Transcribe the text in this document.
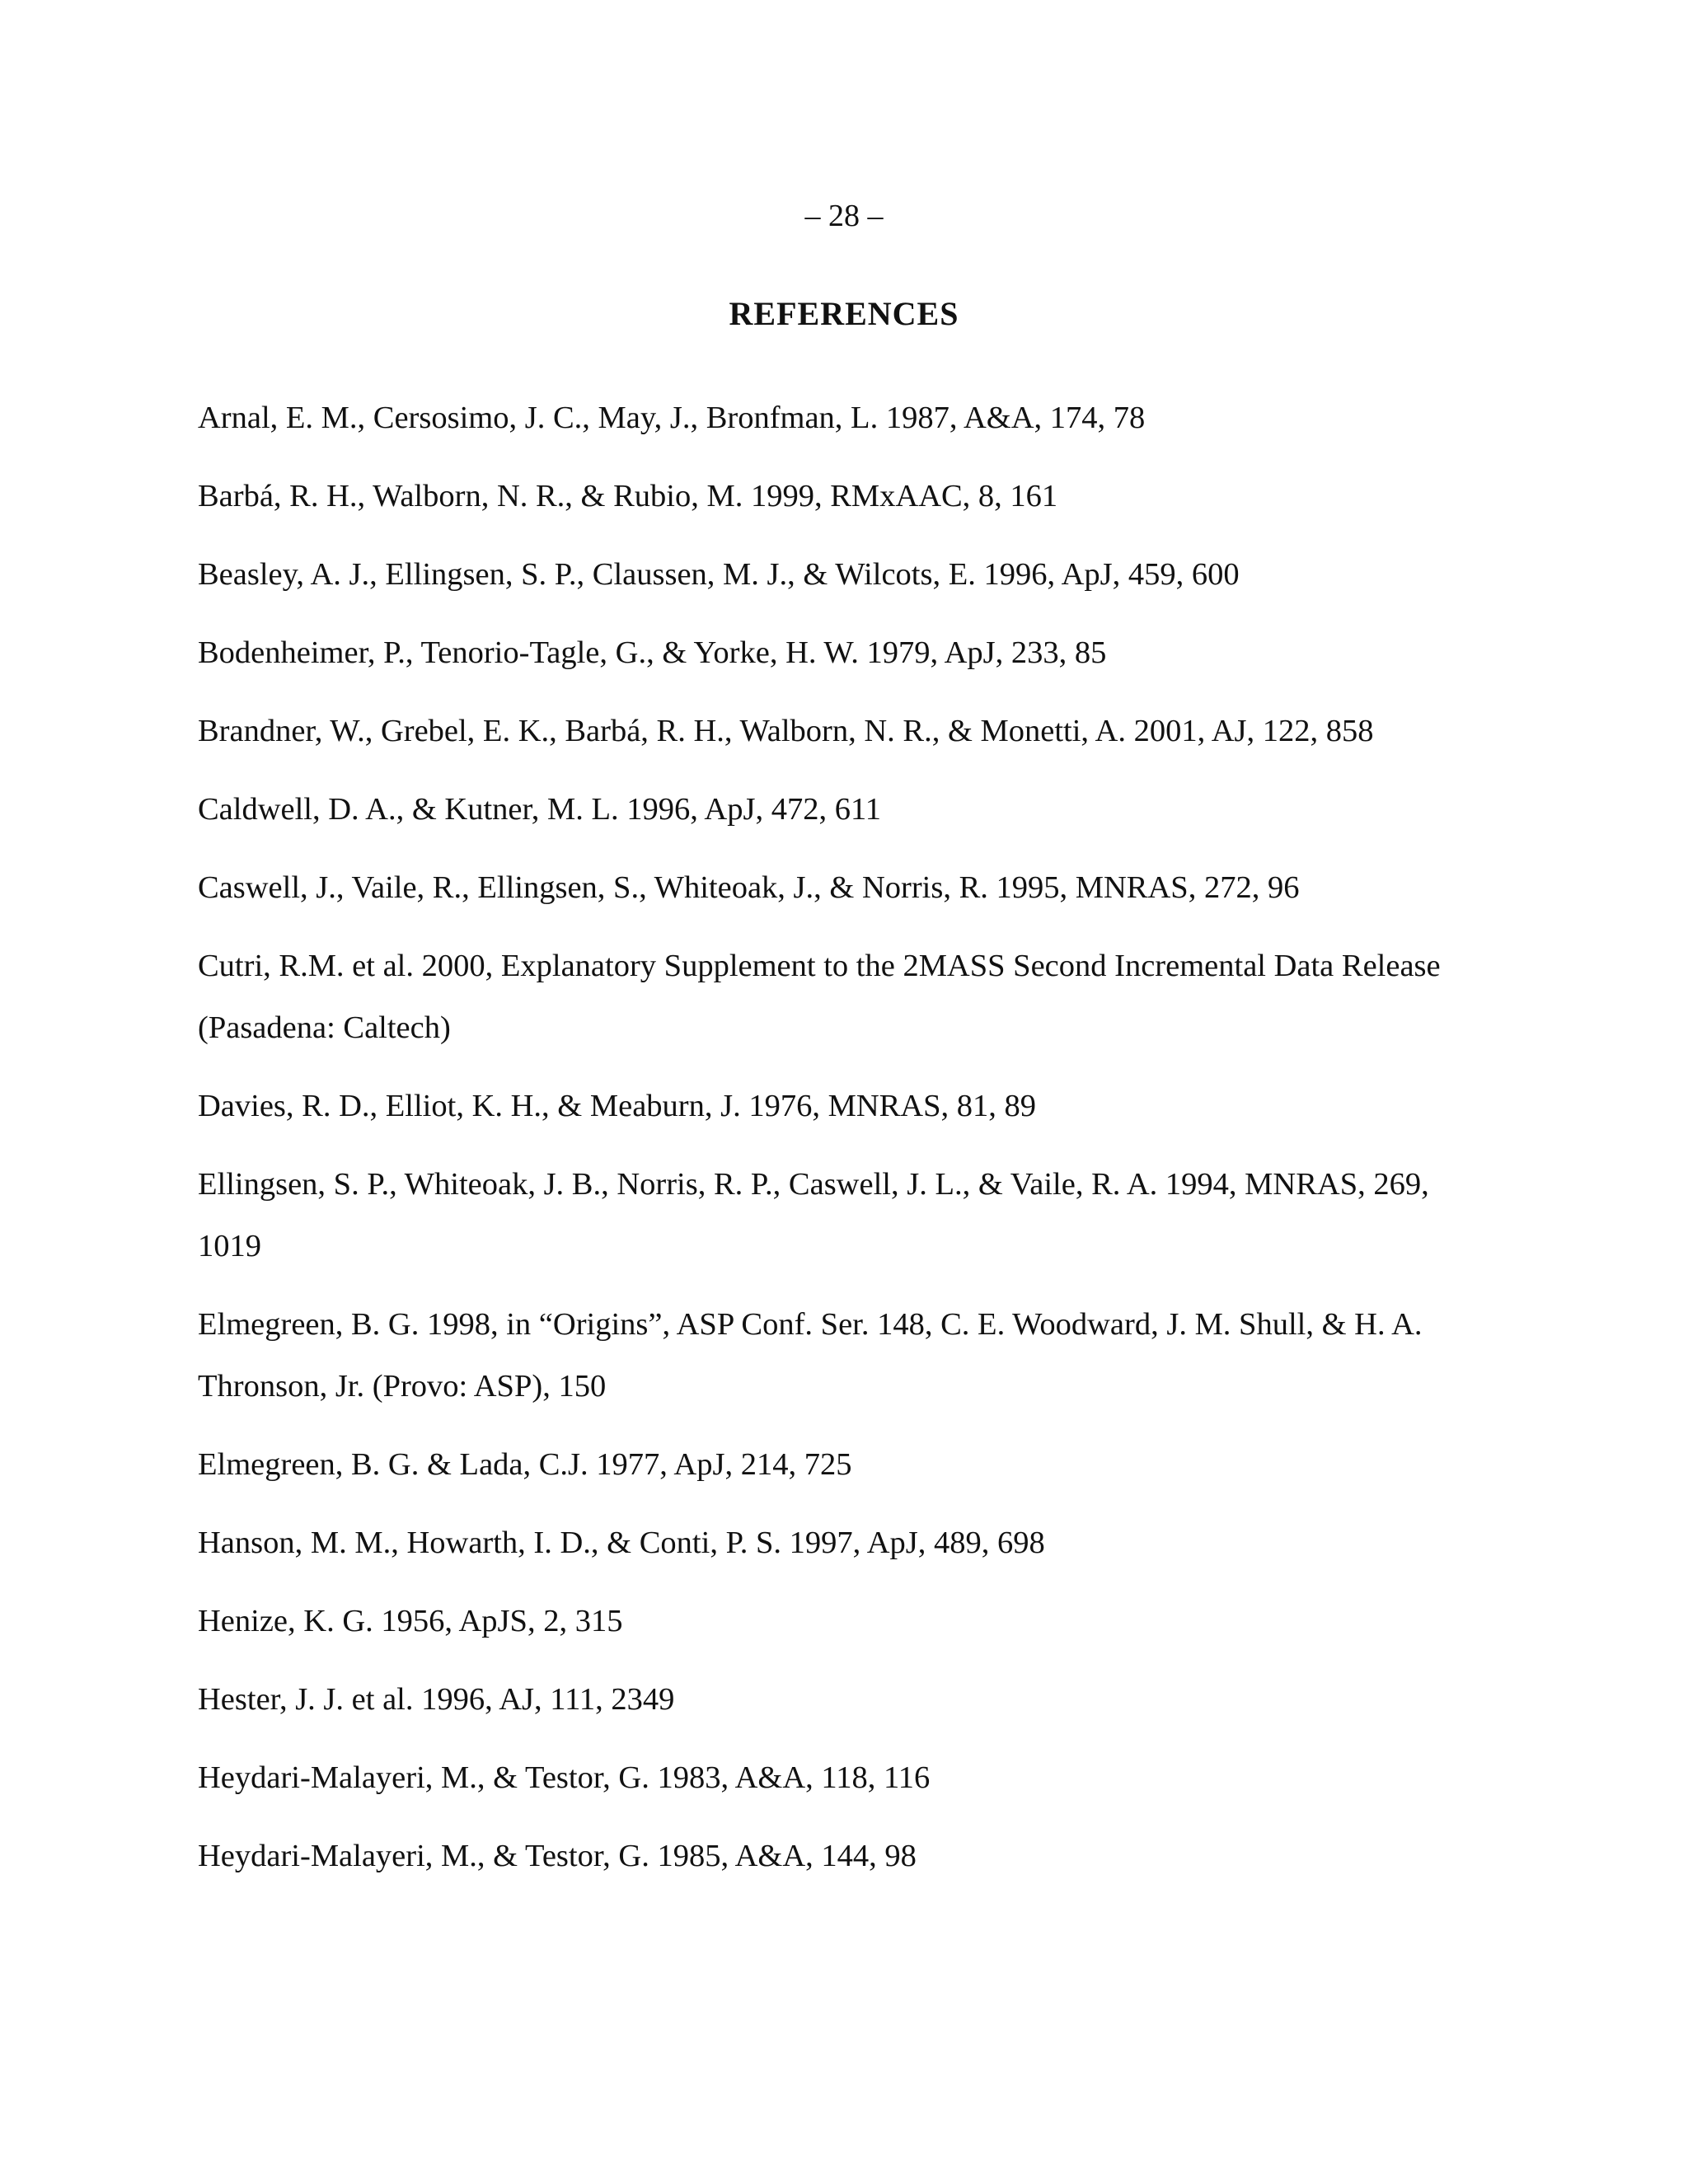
– 28 –
REFERENCES
Arnal, E. M., Cersosimo, J. C., May, J., Bronfman, L. 1987, A&A, 174, 78
Barbá, R. H., Walborn, N. R., & Rubio, M. 1999, RMxAAC, 8, 161
Beasley, A. J., Ellingsen, S. P., Claussen, M. J., & Wilcots, E. 1996, ApJ, 459, 600
Bodenheimer, P., Tenorio-Tagle, G., & Yorke, H. W. 1979, ApJ, 233, 85
Brandner, W., Grebel, E. K., Barbá, R. H., Walborn, N. R., & Monetti, A. 2001, AJ, 122, 858
Caldwell, D. A., & Kutner, M. L. 1996, ApJ, 472, 611
Caswell, J., Vaile, R., Ellingsen, S., Whiteoak, J., & Norris, R. 1995, MNRAS, 272, 96
Cutri, R.M. et al. 2000, Explanatory Supplement to the 2MASS Second Incremental Data Release (Pasadena: Caltech)
Davies, R. D., Elliot, K. H., & Meaburn, J. 1976, MNRAS, 81, 89
Ellingsen, S. P., Whiteoak, J. B., Norris, R. P., Caswell, J. L., & Vaile, R. A. 1994, MNRAS, 269, 1019
Elmegreen, B. G. 1998, in “Origins”, ASP Conf. Ser. 148, C. E. Woodward, J. M. Shull, & H. A. Thronson, Jr. (Provo: ASP), 150
Elmegreen, B. G. & Lada, C.J. 1977, ApJ, 214, 725
Hanson, M. M., Howarth, I. D., & Conti, P. S. 1997, ApJ, 489, 698
Henize, K. G. 1956, ApJS, 2, 315
Hester, J. J. et al. 1996, AJ, 111, 2349
Heydari-Malayeri, M., & Testor, G. 1983, A&A, 118, 116
Heydari-Malayeri, M., & Testor, G. 1985, A&A, 144, 98
